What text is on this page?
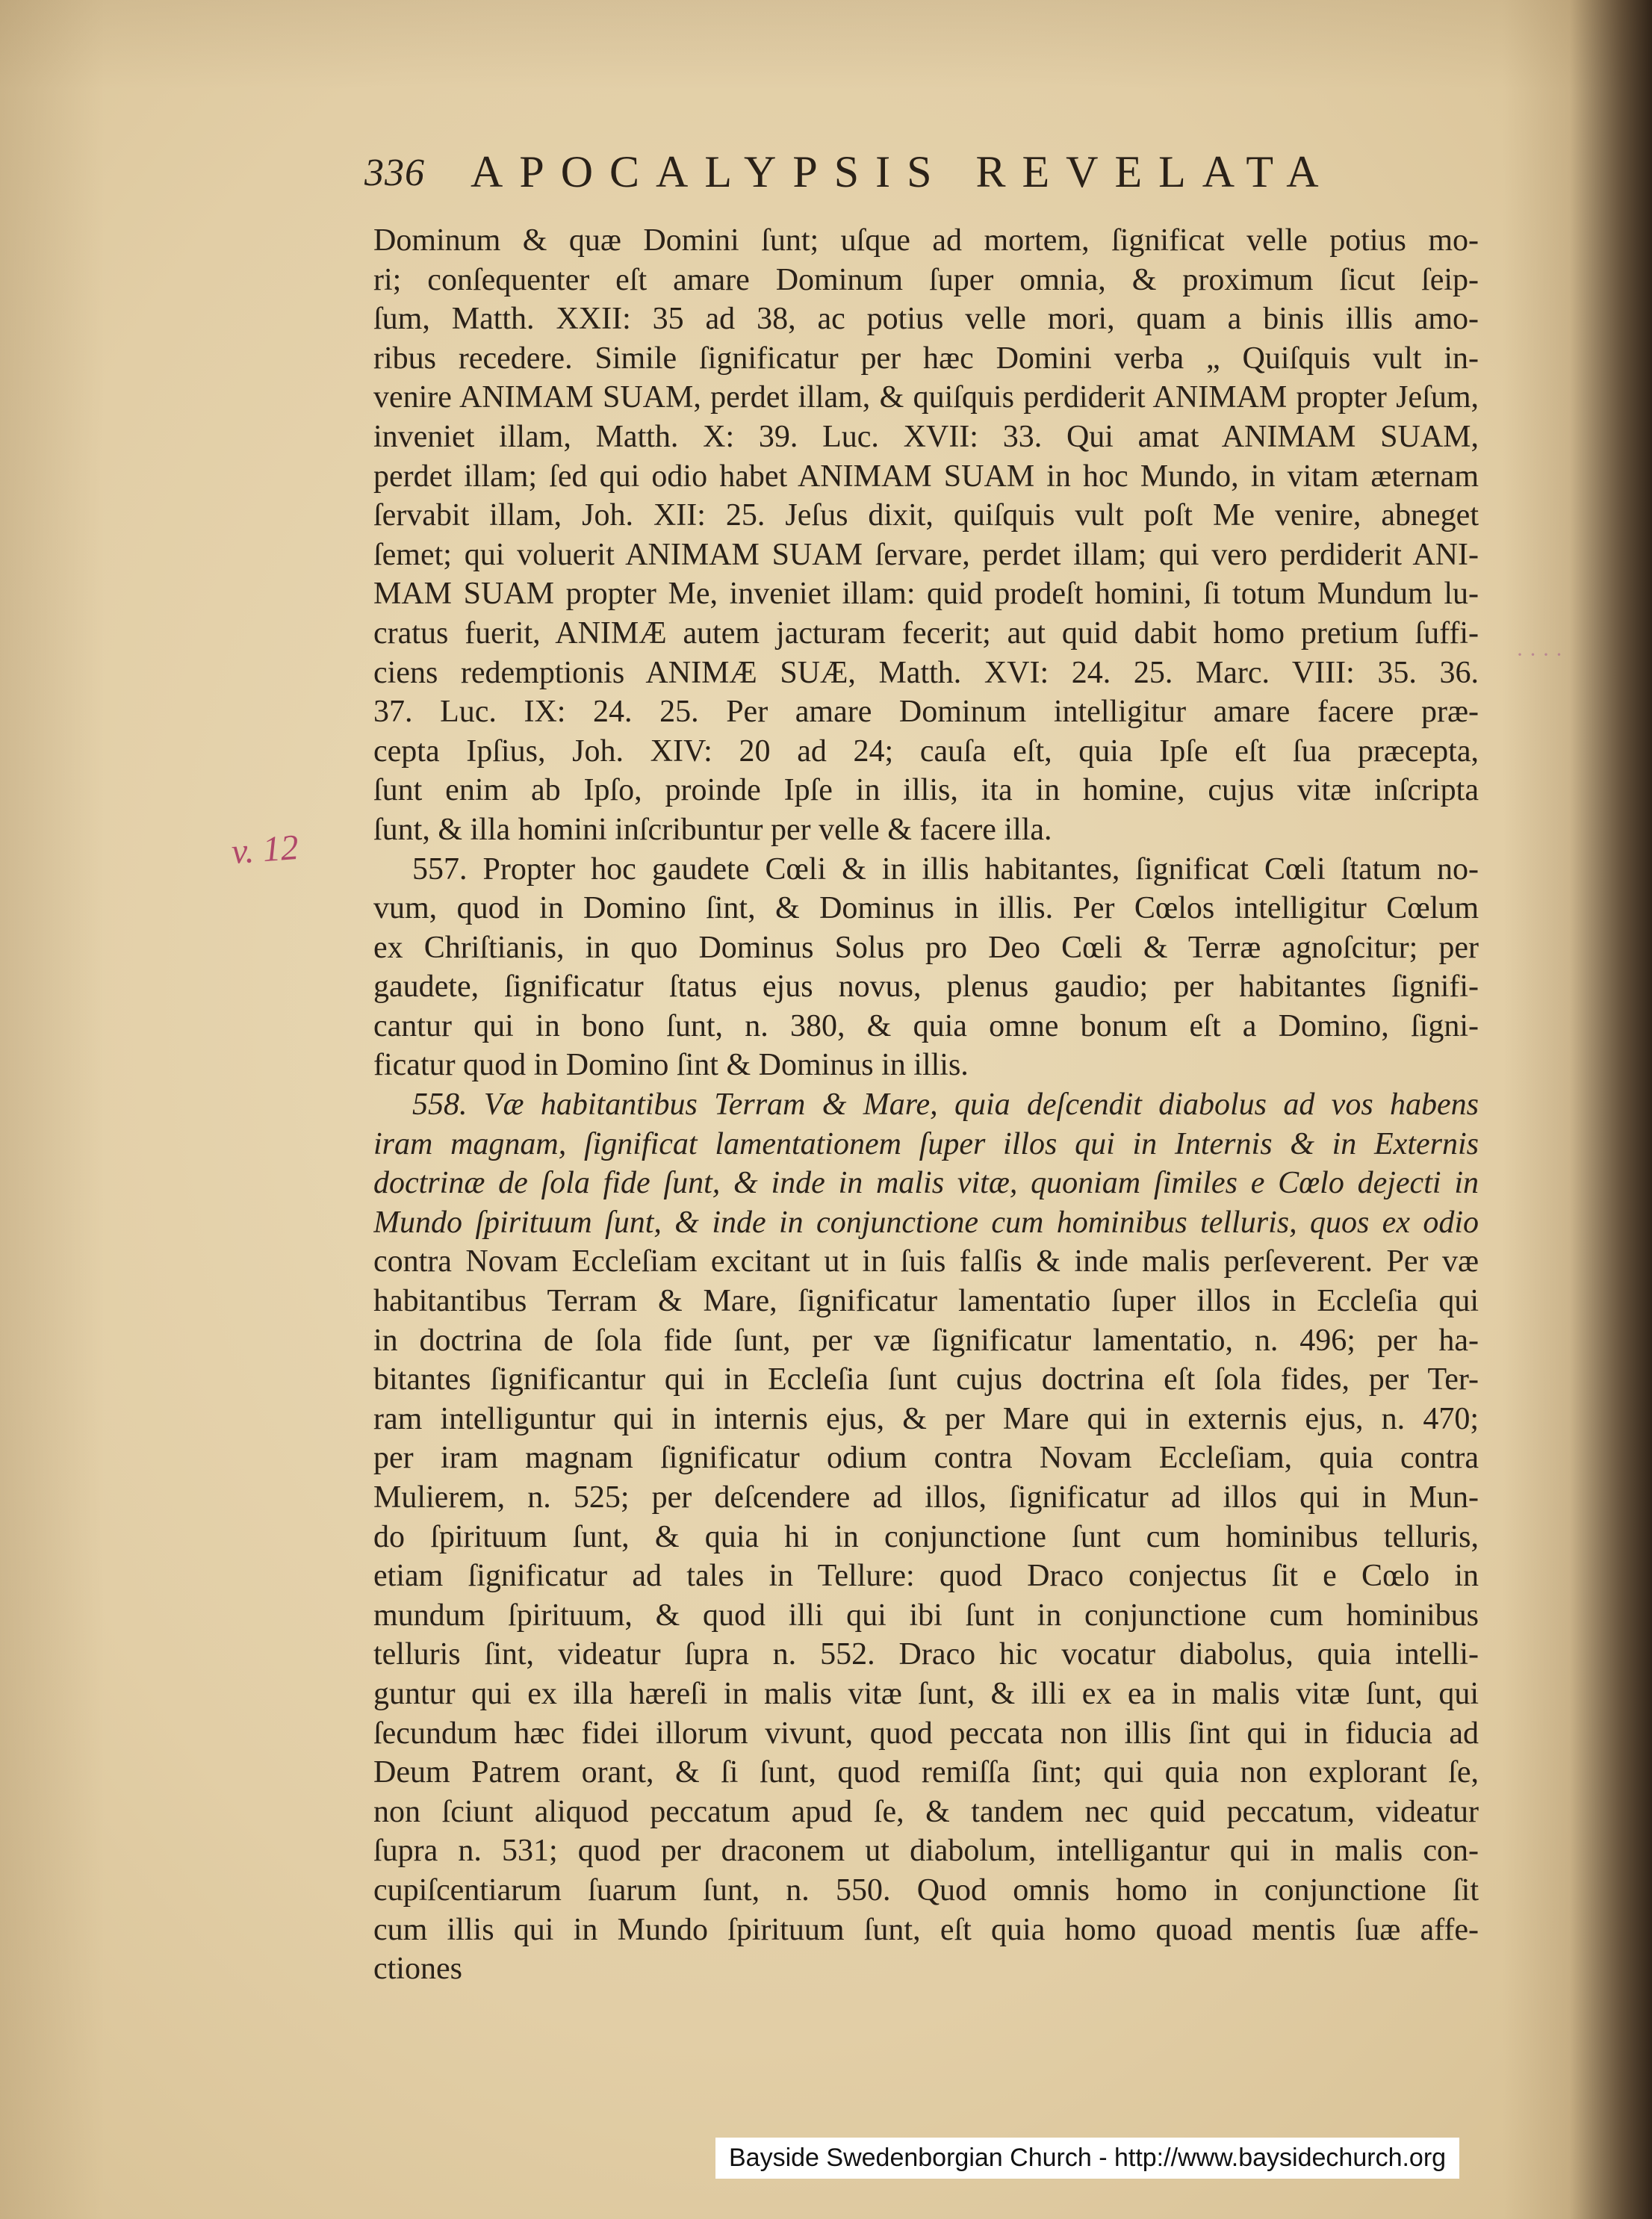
336 APOCALYPSIS REVELATA
v. 12
· · · ·
Dominum & quæ Domini ſunt; uſque ad mortem, ſignificat velle potius mo-
ri; conſequenter eſt amare Dominum ſuper omnia, & proximum ſicut ſeip-
ſum, Matth. XXII: 35 ad 38, ac potius velle mori, quam a binis illis amo-
ribus recedere. Simile ſignificatur per hæc Domini verba „ Quiſquis vult in-
venire ANIMAM SUAM, perdet illam, & quiſquis perdiderit ANIMAM propter Jeſum,
inveniet illam, Matth. X: 39. Luc. XVII: 33. Qui amat ANIMAM SUAM,
perdet illam; ſed qui odio habet ANIMAM SUAM in hoc Mundo, in vitam æternam
ſervabit illam, Joh. XII: 25. Jeſus dixit, quiſquis vult poſt Me venire, abneget
ſemet; qui voluerit ANIMAM SUAM ſervare, perdet illam; qui vero perdiderit ANI-
MAM SUAM propter Me, inveniet illam: quid prodeſt homini, ſi totum Mundum lu-
cratus fuerit, ANIMÆ autem jacturam fecerit; aut quid dabit homo pretium ſuffi-
ciens redemptionis ANIMÆ SUÆ, Matth. XVI: 24. 25. Marc. VIII: 35. 36.
37. Luc. IX: 24. 25. Per amare Dominum intelligitur amare facere præ-
cepta Ipſius, Joh. XIV: 20 ad 24; cauſa eſt, quia Ipſe eſt ſua præcepta,
ſunt enim ab Ipſo, proinde Ipſe in illis, ita in homine, cujus vitæ inſcripta
ſunt, & illa homini inſcribuntur per velle & facere illa.
557. Propter hoc gaudete Cœli & in illis habitantes, ſignificat Cœli ſtatum no-
vum, quod in Domino ſint, & Dominus in illis. Per Cœlos intelligitur Cœlum
ex Chriſtianis, in quo Dominus Solus pro Deo Cœli & Terræ agnoſcitur; per
gaudete, ſignificatur ſtatus ejus novus, plenus gaudio; per habitantes ſignifi-
cantur qui in bono ſunt, n. 380, & quia omne bonum eſt a Domino, ſigni-
ficatur quod in Domino ſint & Dominus in illis.
558. Væ habitantibus Terram & Mare, quia deſcendit diabolus ad vos habens
iram magnam, ſignificat lamentationem ſuper illos qui in Internis & in Externis
doctrinæ de ſola fide ſunt, & inde in malis vitæ, quoniam ſimiles e Cœlo dejecti in
Mundo ſpirituum ſunt, & inde in conjunctione cum hominibus telluris, quos ex odio
contra Novam Eccleſiam excitant ut in ſuis falſis & inde malis perſeverent. Per væ
habitantibus Terram & Mare, ſignificatur lamentatio ſuper illos in Eccleſia qui
in doctrina de ſola fide ſunt, per væ ſignificatur lamentatio, n. 496; per ha-
bitantes ſignificantur qui in Eccleſia ſunt cujus doctrina eſt ſola fides, per Ter-
ram intelliguntur qui in internis ejus, & per Mare qui in externis ejus, n. 470;
per iram magnam ſignificatur odium contra Novam Eccleſiam, quia contra
Mulierem, n. 525; per deſcendere ad illos, ſignificatur ad illos qui in Mun-
do ſpirituum ſunt, & quia hi in conjunctione ſunt cum hominibus telluris,
etiam ſignificatur ad tales in Tellure: quod Draco conjectus ſit e Cœlo in
mundum ſpirituum, & quod illi qui ibi ſunt in conjunctione cum hominibus
telluris ſint, videatur ſupra n. 552. Draco hic vocatur diabolus, quia intelli-
guntur qui ex illa hæreſi in malis vitæ ſunt, & illi ex ea in malis vitæ ſunt, qui
ſecundum hæc fidei illorum vivunt, quod peccata non illis ſint qui in fiducia ad
Deum Patrem orant, & ſi ſunt, quod remiſſa ſint; qui quia non explorant ſe,
non ſciunt aliquod peccatum apud ſe, & tandem nec quid peccatum, videatur
ſupra n. 531; quod per draconem ut diabolum, intelligantur qui in malis con-
cupiſcentiarum ſuarum ſunt, n. 550. Quod omnis homo in conjunctione ſit
cum illis qui in Mundo ſpirituum ſunt, eſt quia homo quoad mentis ſuæ affe-
ctiones
Bayside Swedenborgian Church - http://www.baysidechurch.org
